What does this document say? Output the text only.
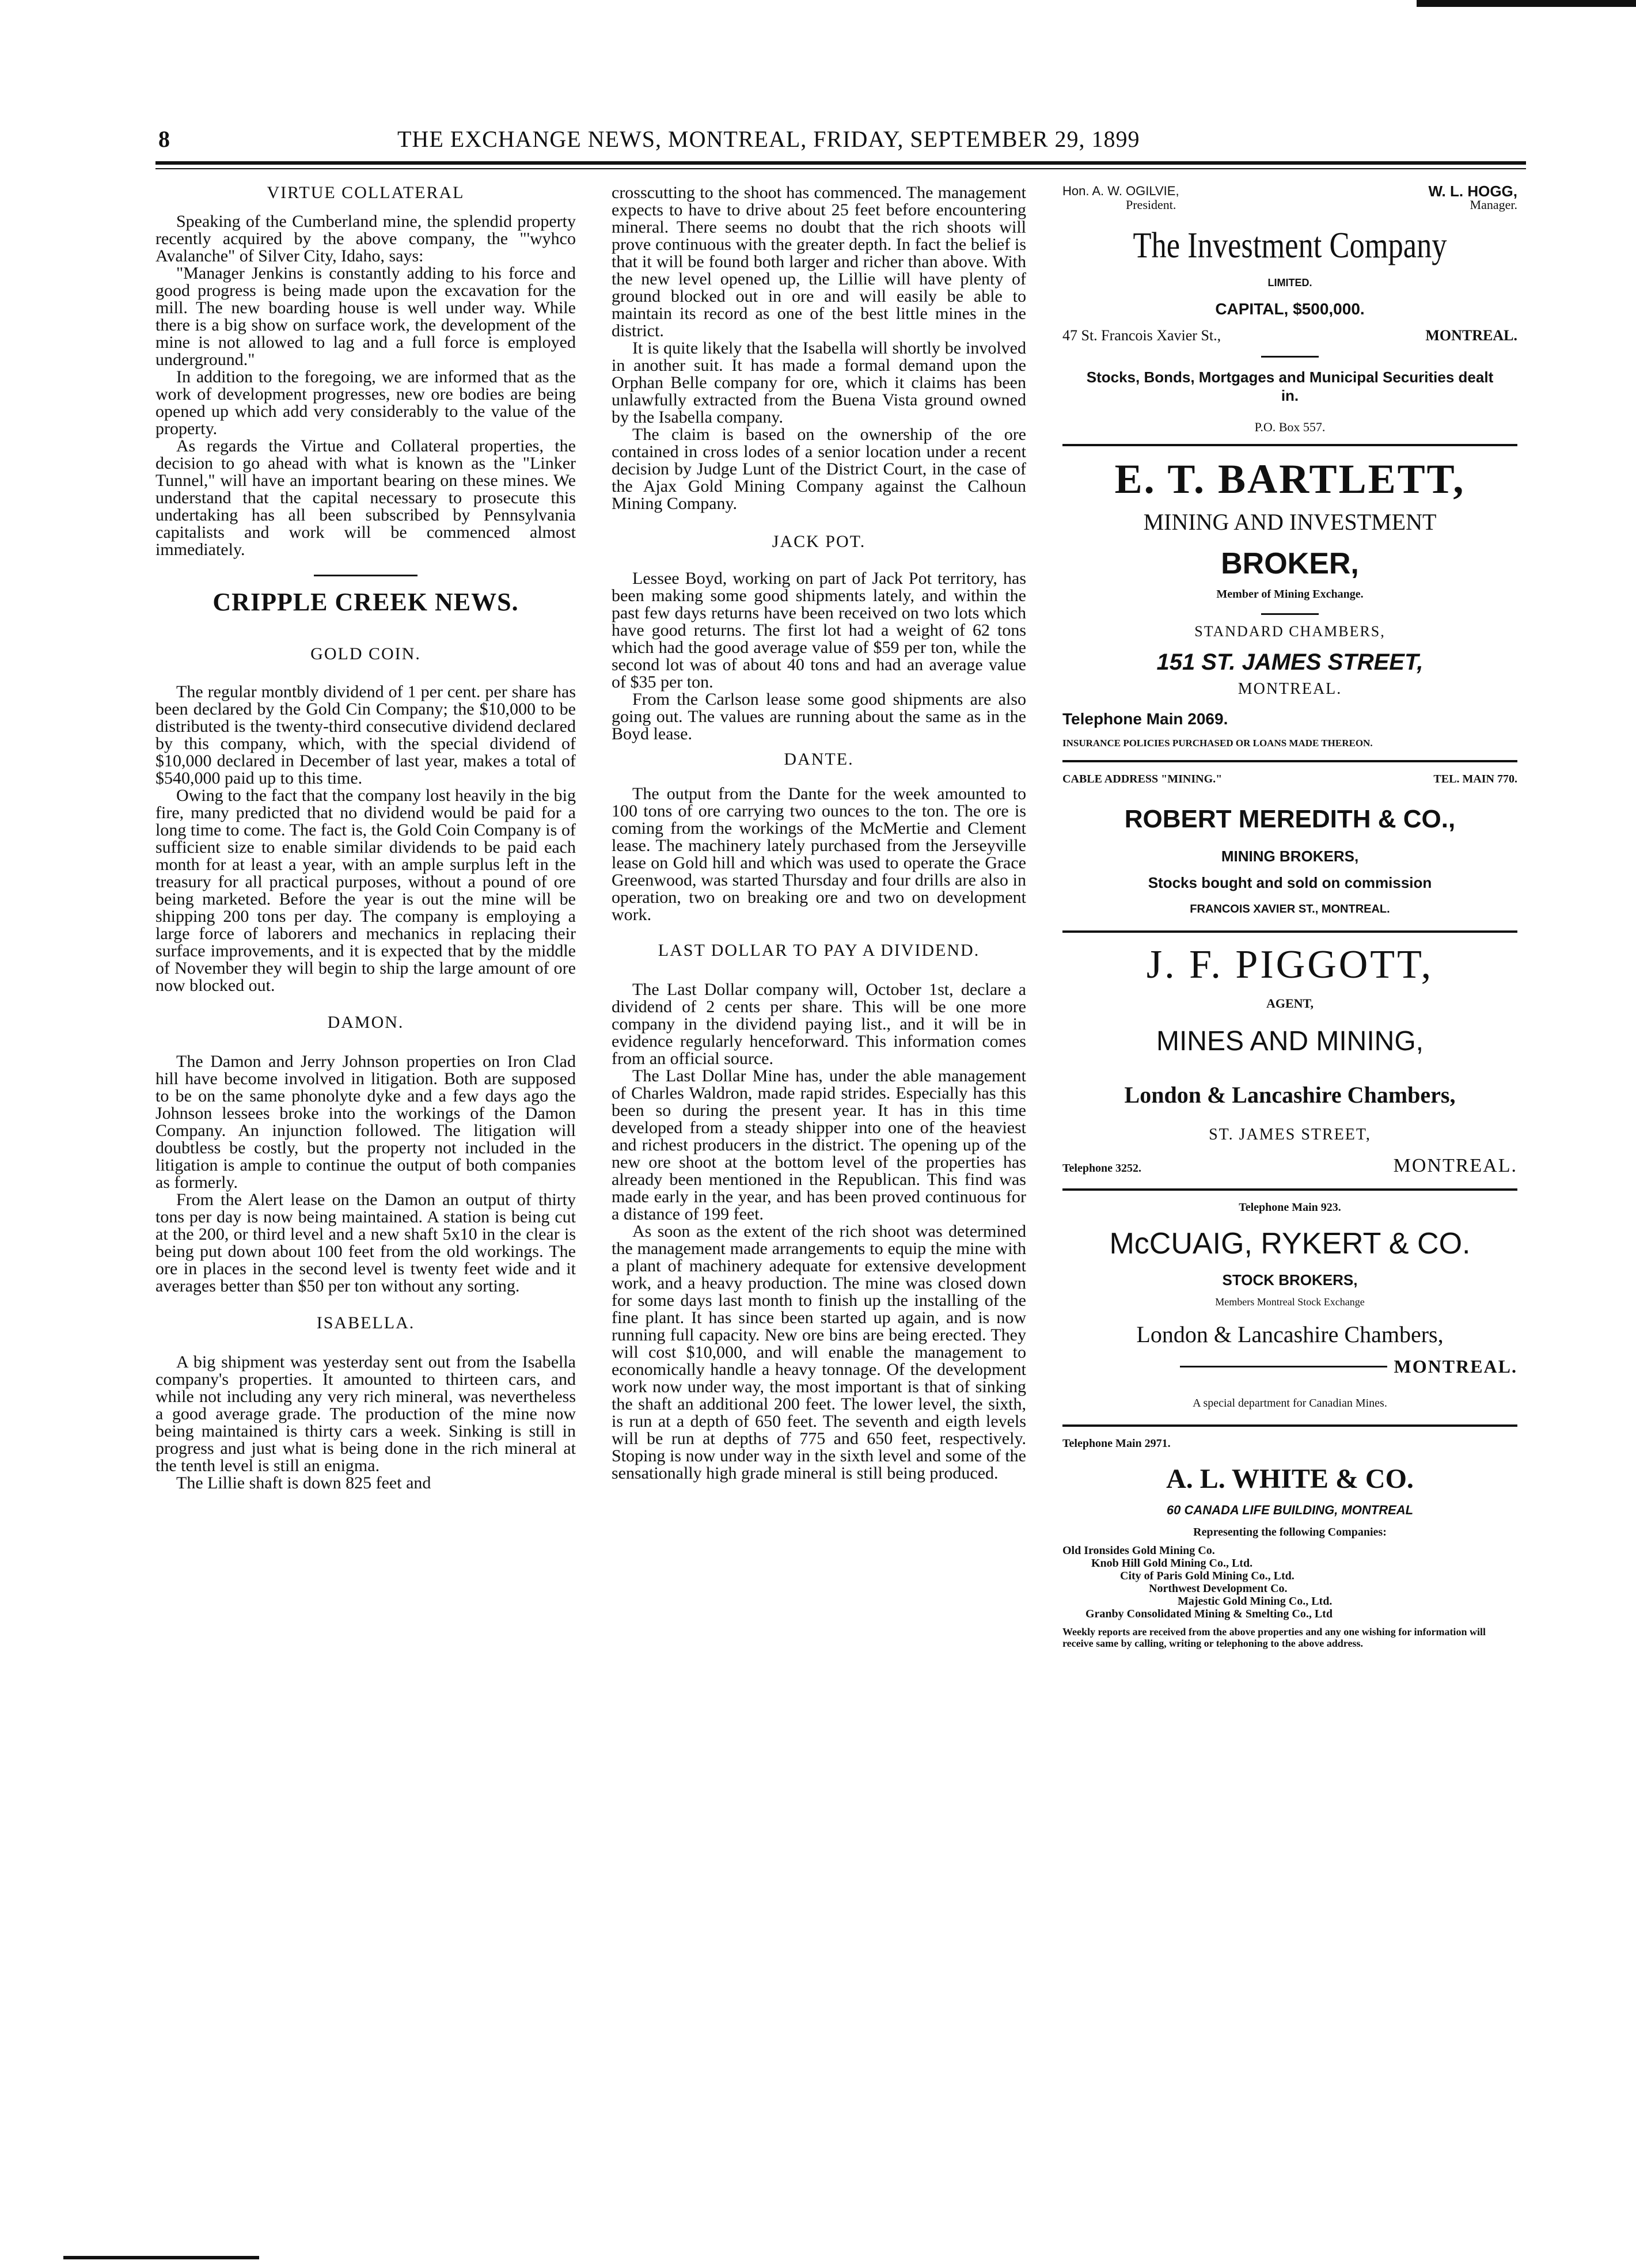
8	THE EXCHANGE NEWS, MONTREAL, FRIDAY, SEPTEMBER 29, 1899
VIRTUE COLLATERAL

Speaking of the Cumberland mine, the splendid property recently acquired by the above company, the "'wyhco Avalanche" of Silver City, Idaho, says:

"Manager Jenkins is constantly adding to his force and good progress is being made upon the excavation for the mill. The new boarding house is well under way. While there is a big show on surface work, the development of the mine is not allowed to lag and a full force is employed underground."

In addition to the foregoing, we are informed that as the work of development progresses, new ore bodies are being opened up which add very considerably to the value of the property.

As regards the Virtue and Collateral properties, the decision to go ahead with what is known as the "Linker Tunnel," will have an important bearing on these mines. We understand that the capital necessary to prosecute this undertaking has all been subscribed by Pennsylvania capitalists and work will be commenced almost immediately.

CRIPPLE CREEK NEWS.
GOLD COIN.

The regular montbly dividend of 1 per cent. per share has been declared by the Gold Cin Company; the $10,000 to be distributed is the twenty-third consecutive dividend declared by this company, which, with the special dividend of $10,000 declared in December of last year, makes a total of $540,000 paid up to this time.

Owing to the fact that the company lost heavily in the big fire, many predicted that no dividend would be paid for a long time to come. The fact is, the Gold Coin Company is of sufficient size to enable similar dividends to be paid each month for at least a year, with an ample surplus left in the treasury for all practical purposes, without a pound of ore being marketed. Before the year is out the mine will be shipping 200 tons per day. The company is employing a large force of laborers and mechanics in replacing their surface improvements, and it is expected that by the middle of November they will begin to ship the large amount of ore now blocked out.

DAMON.

The Damon and Jerry Johnson properties on Iron Clad hill have become involved in litigation. Both are supposed to be on the same phonolyte dyke and a few days ago the Johnson lessees broke into the workings of the Damon Company. An injunction followed. The litigation will doubtless be costly, but the property not included in the litigation is ample to continue the output of both companies as formerly.

From the Alert lease on the Damon an output of thirty tons per day is now being maintained. A station is being cut at the 200, or third level and a new shaft 5x10 in the clear is being put down about 100 feet from the old workings. The ore in places in the second level is twenty feet wide and it averages better than $50 per ton without any sorting.

ISABELLA.

A big shipment was yesterday sent out from the Isabella company's properties. It amounted to thirteen cars, and while not including any very rich mineral, was nevertheless a good average grade. The production of the mine now being maintained is thirty cars a week. Sinking is still in progress and just what is being done in the rich mineral at the tenth level is still an enigma.

The Lillie shaft is down 825 feet and

crosscutting to the shoot has commenced. The management expects to have to drive about 25 feet before encountering mineral. There seems no doubt that the rich shoots will prove continuous with the greater depth. In fact the belief is that it will be found both larger and richer than above. With the new level opened up, the Lillie will have plenty of ground blocked out in ore and will easily be able to maintain its record as one of the best little mines in the district.

It is quite likely that the Isabella will shortly be involved in another suit. It has made a formal demand upon the Orphan Belle company for ore, which it claims has been unlawfully extracted from the Buena Vista ground owned by the Isabella company.

The claim is based on the ownership of the ore contained in cross lodes of a senior location under a recent decision by Judge Lunt of the District Court, in the case of the Ajax Gold Mining Company against the Calhoun Mining Company.

JACK POT.

Lessee Boyd, working on part of Jack Pot territory, has been making some good shipments lately, and within the past few days returns have been received on two lots which have good returns. The first lot had a weight of 62 tons which had the good average value of $59 per ton, while the second lot was of about 40 tons and had an average value of $35 per ton.

From the Carlson lease some good shipments are also going out. The values are running about the same as in the Boyd lease.

DANTE.

The output from the Dante for the week amounted to 100 tons of ore carrying two ounces to the ton. The ore is coming from the workings of the McMertie and Clement lease. The machinery lately purchased from the Jerseyville lease on Gold hill and which was used to operate the Grace Greenwood, was started Thursday and four drills are also in operation, two on breaking ore and two on development work.

LAST DOLLAR TO PAY A DIVIDEND.

The Last Dollar company will, October 1st, declare a dividend of 2 cents per share. This will be one more company in the dividend paying list., and it will be in evidence regularly henceforward. This information comes from an official source.

The Last Dollar Mine has, under the able management of Charles Waldron, made rapid strides. Especially has this been so during the present year. It has in this time developed from a steady shipper into one of the heaviest and richest producers in the district. The opening up of the new ore shoot at the bottom level of the properties has already been mentioned in the Republican. This find was made early in the year, and has been proved continuous for a distance of 199 feet.

As soon as the extent of the rich shoot was determined the management made arrangements to equip the mine with a plant of machinery adequate for extensive development work, and a heavy production. The mine was closed down for some days last month to finish up the installing of the fine plant. It has since been started up again, and is now running full capacity. New ore bins are being erected. They will cost $10,000, and will enable the management to economically handle a heavy tonnage. Of the development work now under way, the most important is that of sinking the shaft an additional 200 feet. The lower level, the sixth, is run at a depth of 650 feet. The seventh and eigth levels will be run at depths of 775 and 650 feet, respectively. Stoping is now under way in the sixth level and some of the sensationally high grade mineral is still being produced.

Hon. A. W. OGILVIE,
President.
W. L. HOGG,
Manager.
The Investment Company
LIMITED.
CAPITAL, $500,000.
47 St. Francois Xavier St.,	MONTREAL.
Stocks, Bonds, Mortgages and Municipal Securities dealt in.
P.O. Box 557.
E. T. BARTLETT,
MINING AND INVESTMENT
BROKER,
Member of Mining Exchange.
STANDARD CHAMBERS,
151 ST. JAMES STREET,
MONTREAL.
Telephone Main 2069.
INSURANCE POLICIES PURCHASED OR LOANS MADE THEREON.
CABLE ADDRESS "MINING."	TEL. MAIN 770.
ROBERT MEREDITH & CO.,
MINING BROKERS,
Stocks bought and sold on commission
FRANCOIS XAVIER ST., MONTREAL.
J. F. PIGGOTT,
AGENT,
MINES AND MINING,
London & Lancashire Chambers,
ST. JAMES STREET,
Telephone 3252.	MONTREAL.
Telephone Main 923.
McCUAIG, RYKERT & CO.
STOCK BROKERS,
Members Montreal Stock Exchange
London & Lancashire Chambers,
MONTREAL.
A special department for Canadian Mines.
Telephone Main 2971.
A. L. WHITE & CO.
60 CANADA LIFE BUILDING, MONTREAL
Representing the following Companies:
Old Ironsides Gold Mining Co.
Knob Hill Gold Mining Co., Ltd.
City of Paris Gold Mining Co., Ltd.
Northwest Development Co.
Majestic Gold Mining Co., Ltd.
Granby Consolidated Mining & Smelting Co., Ltd
Weekly reports are received from the above properties and any one wishing for information will receive same by calling, writing or telephoning to the above address.
